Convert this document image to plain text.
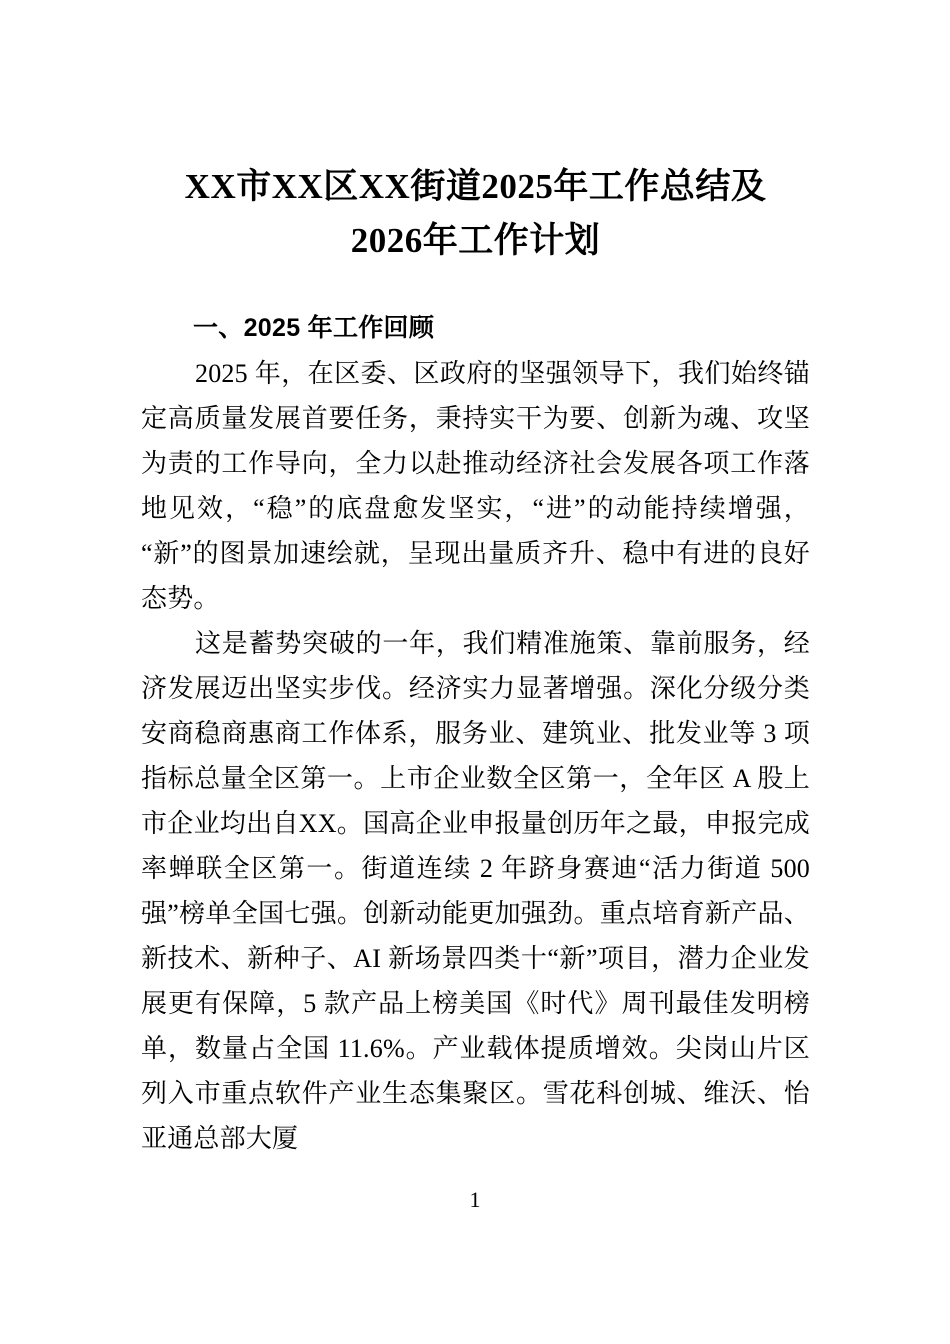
XX市XX区XX街道2025年工作总结及
2026年工作计划
一、2025 年工作回顾

2025 年，在区委、区政府的坚强领导下，我们始终锚定高质量发展首要任务，秉持实干为要、创新为魂、攻坚为责的工作导向，全力以赴推动经济社会发展各项工作落地见效，“稳”的底盘愈发坚实，“进”的动能持续增强，“新”的图景加速绘就，呈现出量质齐升、稳中有进的良好态势。

这是蓄势突破的一年，我们精准施策、靠前服务，经济发展迈出坚实步伐。经济实力显著增强。深化分级分类安商稳商惠商工作体系，服务业、建筑业、批发业等 3 项指标总量全区第一。上市企业数全区第一，全年区 A 股上市企业均出自XX。国高企业申报量创历年之最，申报完成率蝉联全区第一。街道连续 2 年跻身赛迪“活力街道 500 强”榜单全国七强。创新动能更加强劲。重点培育新产品、新技术、新种子、AI 新场景四类十“新”项目，潜力企业发展更有保障，5 款产品上榜美国《时代》周刊最佳发明榜单，数量占全国 11.6%。产业载体提质增效。尖岗山片区列入市重点软件产业生态集聚区。雪花科创城、维沃、怡亚通总部大厦

1
